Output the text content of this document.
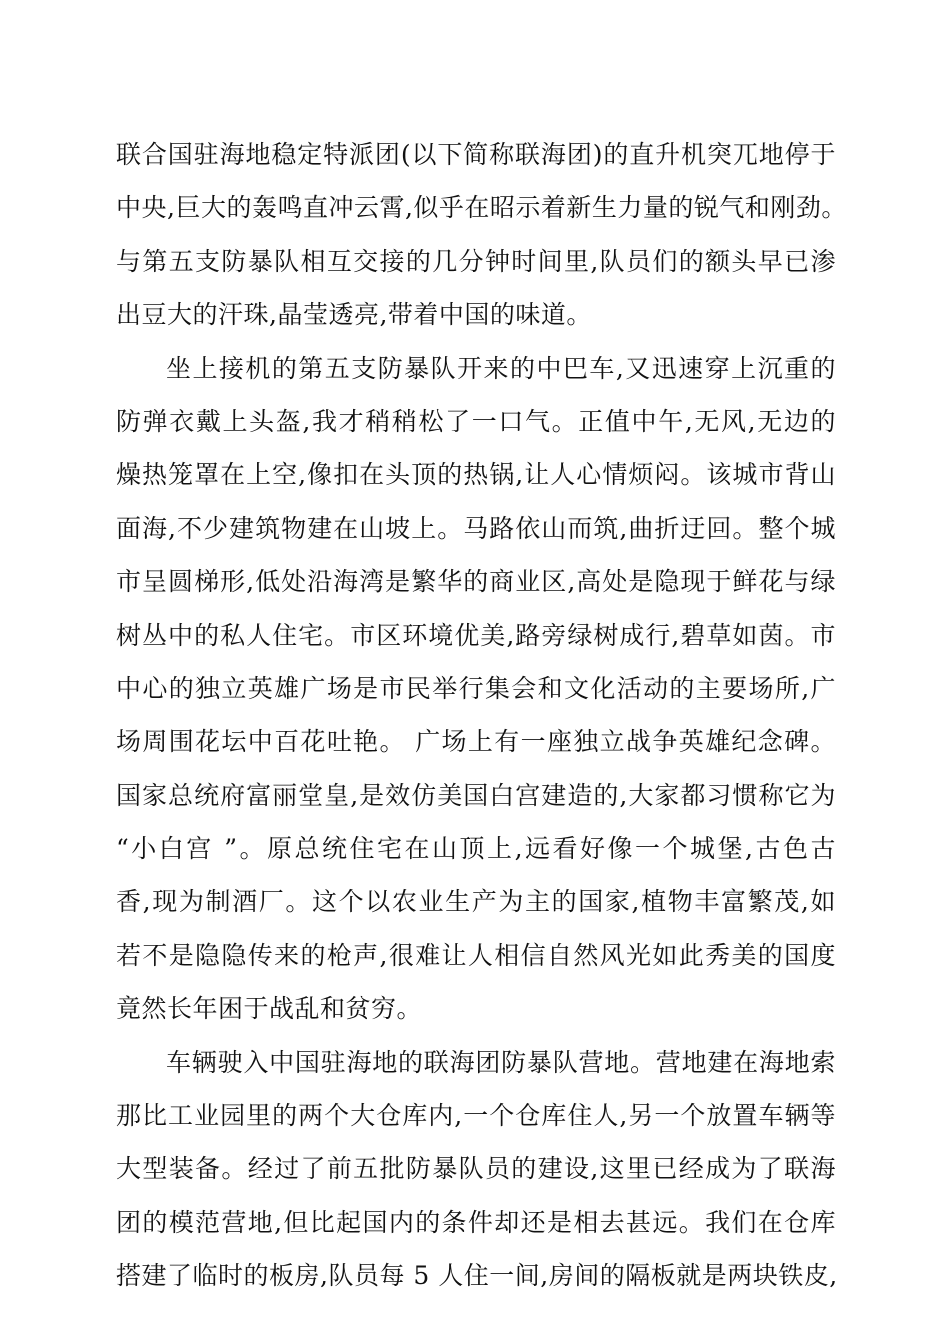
联合国驻海地稳定特派团(以下简称联海团)的直升机突兀地停于
中央,巨大的轰鸣直冲云霄,似乎在昭示着新生力量的锐气和刚劲。
与第五支防暴队相互交接的几分钟时间里,队员们的额头早已渗
出豆大的汗珠,晶莹透亮,带着中国的味道。
坐上接机的第五支防暴队开来的中巴车,又迅速穿上沉重的
防弹衣戴上头盔,我才稍稍松了一口气。正值中午,无风,无边的
燥热笼罩在上空,像扣在头顶的热锅,让人心情烦闷。该城市背山
面海,不少建筑物建在山坡上。马路依山而筑,曲折迂回。整个城
市呈圆梯形,低处沿海湾是繁华的商业区,高处是隐现于鲜花与绿
树丛中的私人住宅。市区环境优美,路旁绿树成行,碧草如茵。市
中心的独立英雄广场是市民举行集会和文化活动的主要场所,广
场周围花坛中百花吐艳。 广场上有一座独立战争英雄纪念碑。
国家总统府富丽堂皇,是效仿美国白宫建造的,大家都习惯称它为
“小白宫 ”。原总统住宅在山顶上,远看好像一个城堡,古色古
香,现为制酒厂。这个以农业生产为主的国家,植物丰富繁茂,如
若不是隐隐传来的枪声,很难让人相信自然风光如此秀美的国度
竟然长年困于战乱和贫穷。
车辆驶入中国驻海地的联海团防暴队营地。营地建在海地索
那比工业园里的两个大仓库内,一个仓库住人,另一个放置车辆等
大型装备。经过了前五批防暴队员的建设,这里已经成为了联海
团的模范营地,但比起国内的条件却还是相去甚远。我们在仓库
搭建了临时的板房,队员每 5 人住一间,房间的隔板就是两块铁皮,
